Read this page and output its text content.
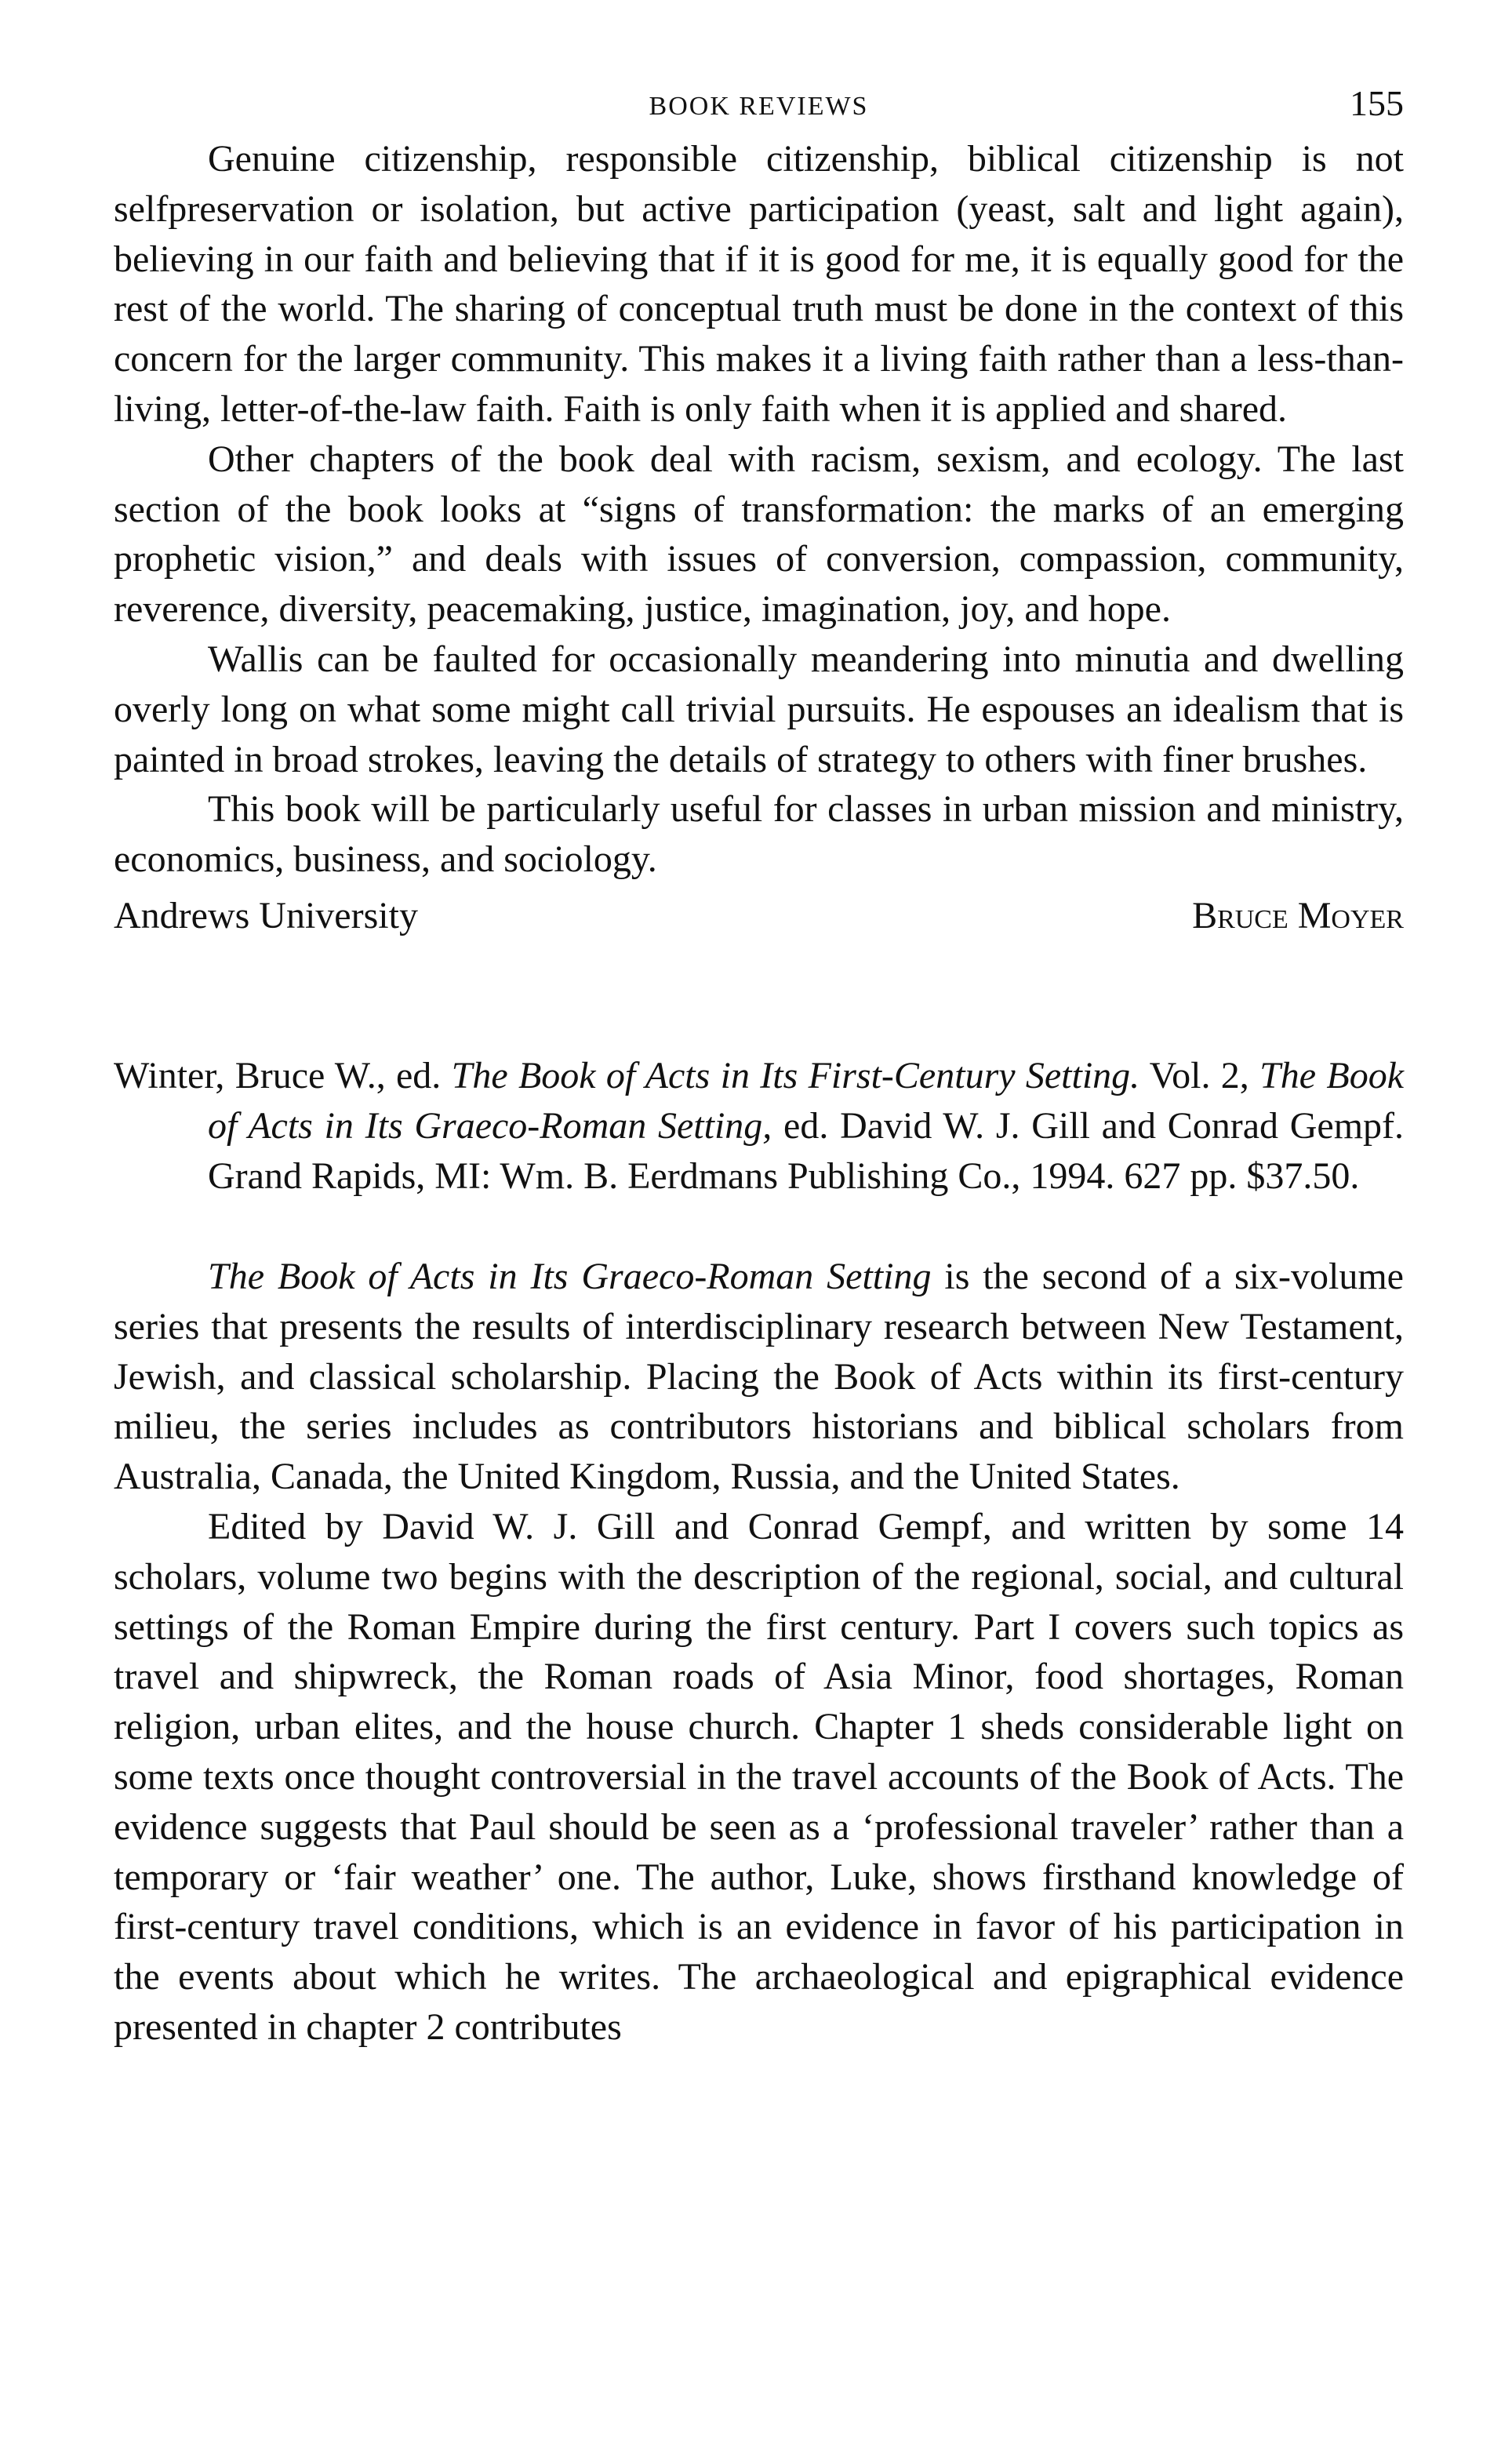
BOOK REVIEWS	155

Genuine citizenship, responsible citizenship, biblical citizenship is not selfpreservation or isolation, but active participation (yeast, salt and light again), believing in our faith and believing that if it is good for me, it is equally good for the rest of the world. The sharing of conceptual truth must be done in the context of this concern for the larger community. This makes it a living faith rather than a less-than-living, letter-of-the-law faith. Faith is only faith when it is applied and shared.

Other chapters of the book deal with racism, sexism, and ecology. The last section of the book looks at “signs of transformation: the marks of an emerging prophetic vision,” and deals with issues of conversion, compassion, community, reverence, diversity, peacemaking, justice, imagination, joy, and hope.

Wallis can be faulted for occasionally meandering into minutia and dwelling overly long on what some might call trivial pursuits. He espouses an idealism that is painted in broad strokes, leaving the details of strategy to others with finer brushes.

This book will be particularly useful for classes in urban mission and ministry, economics, business, and sociology.

Andrews University	Bruce Moyer
Winter, Bruce W., ed. The Book of Acts in Its First-Century Setting. Vol. 2, The Book of Acts in Its Graeco-Roman Setting, ed. David W. J. Gill and Conrad Gempf. Grand Rapids, MI: Wm. B. Eerdmans Publishing Co., 1994. 627 pp. $37.50.

The Book of Acts in Its Graeco-Roman Setting is the second of a six-volume series that presents the results of interdisciplinary research between New Testament, Jewish, and classical scholarship. Placing the Book of Acts within its first-century milieu, the series includes as contributors historians and biblical scholars from Australia, Canada, the United Kingdom, Russia, and the United States.

Edited by David W. J. Gill and Conrad Gempf, and written by some 14 scholars, volume two begins with the description of the regional, social, and cultural settings of the Roman Empire during the first century. Part I covers such topics as travel and shipwreck, the Roman roads of Asia Minor, food shortages, Roman religion, urban elites, and the house church. Chapter 1 sheds considerable light on some texts once thought controversial in the travel accounts of the Book of Acts. The evidence suggests that Paul should be seen as a ‘professional traveler’ rather than a temporary or ‘fair weather’ one. The author, Luke, shows firsthand knowledge of first-century travel conditions, which is an evidence in favor of his participation in the events about which he writes. The archaeological and epigraphical evidence presented in chapter 2 contributes
